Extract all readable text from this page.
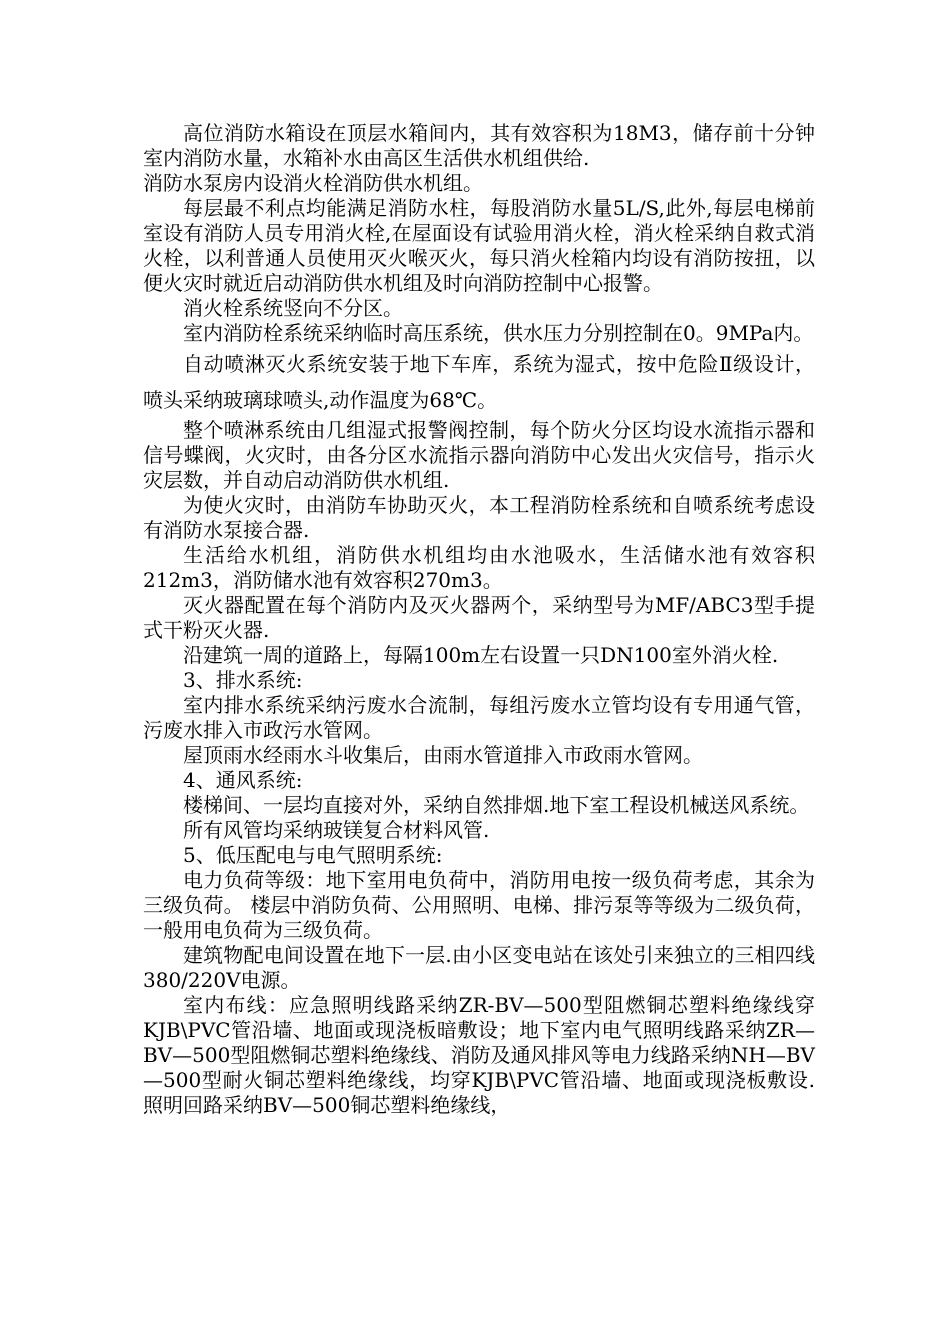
高位消防水箱设在顶层水箱间内，其有效容积为18M3，储存前十分钟室内消防水量，水箱补水由高区生活供水机组供给.

消防水泵房内设消火栓消防供水机组。

每层最不利点均能满足消防水柱，每股消防水量5L/S,此外,每层电梯前室设有消防人员专用消火栓,在屋面设有试验用消火栓，消火栓采纳自救式消火栓，以利普通人员使用灭火喉灭火，每只消火栓箱内均设有消防按扭，以便火灾时就近启动消防供水机组及时向消防控制中心报警。

消火栓系统竖向不分区。

室内消防栓系统采纳临时高压系统，供水压力分别控制在0。9MPa内。

自动喷淋灭火系统安装于地下车库，系统为湿式，按中危险Ⅱ级设计，喷头采纳玻璃球喷头,动作温度为68℃。

整个喷淋系统由几组湿式报警阀控制，每个防火分区均设水流指示器和信号蝶阀，火灾时，由各分区水流指示器向消防中心发出火灾信号，指示火灾层数，并自动启动消防供水机组.

为使火灾时，由消防车协助灭火，本工程消防栓系统和自喷系统考虑设有消防水泵接合器.

生活给水机组，消防供水机组均由水池吸水，生活储水池有效容积212m3，消防储水池有效容积270m3。

灭火器配置在每个消防内及灭火器两个，采纳型号为MF/ABC3型手提式干粉灭火器.

沿建筑一周的道路上，每隔100m左右设置一只DN100室外消火栓.

3、排水系统:

室内排水系统采纳污废水合流制，每组污废水立管均设有专用通气管，污废水排入市政污水管网。

屋顶雨水经雨水斗收集后，由雨水管道排入市政雨水管网。

4、通风系统:

楼梯间、一层均直接对外，采纳自然排烟.地下室工程设机械送风系统。

所有风管均采纳玻镁复合材料风管.

5、低压配电与电气照明系统:

电力负荷等级：地下室用电负荷中，消防用电按一级负荷考虑，其余为三级负荷。 楼层中消防负荷、公用照明、电梯、排污泵等等级为二级负荷，一般用电负荷为三级负荷。

建筑物配电间设置在地下一层.由小区变电站在该处引来独立的三相四线380/220V电源。

室内布线：应急照明线路采纳ZR-BV—500型阻燃铜芯塑料绝缘线穿KJB\PVC管沿墙、地面或现浇板暗敷设；地下室内电气照明线路采纳ZR—BV—500型阻燃铜芯塑料绝缘线、消防及通风排风等电力线路采纳NH—BV—500型耐火铜芯塑料绝缘线，均穿KJB\PVC管沿墙、地面或现浇板敷设.照明回路采纳BV—500铜芯塑料绝缘线，
